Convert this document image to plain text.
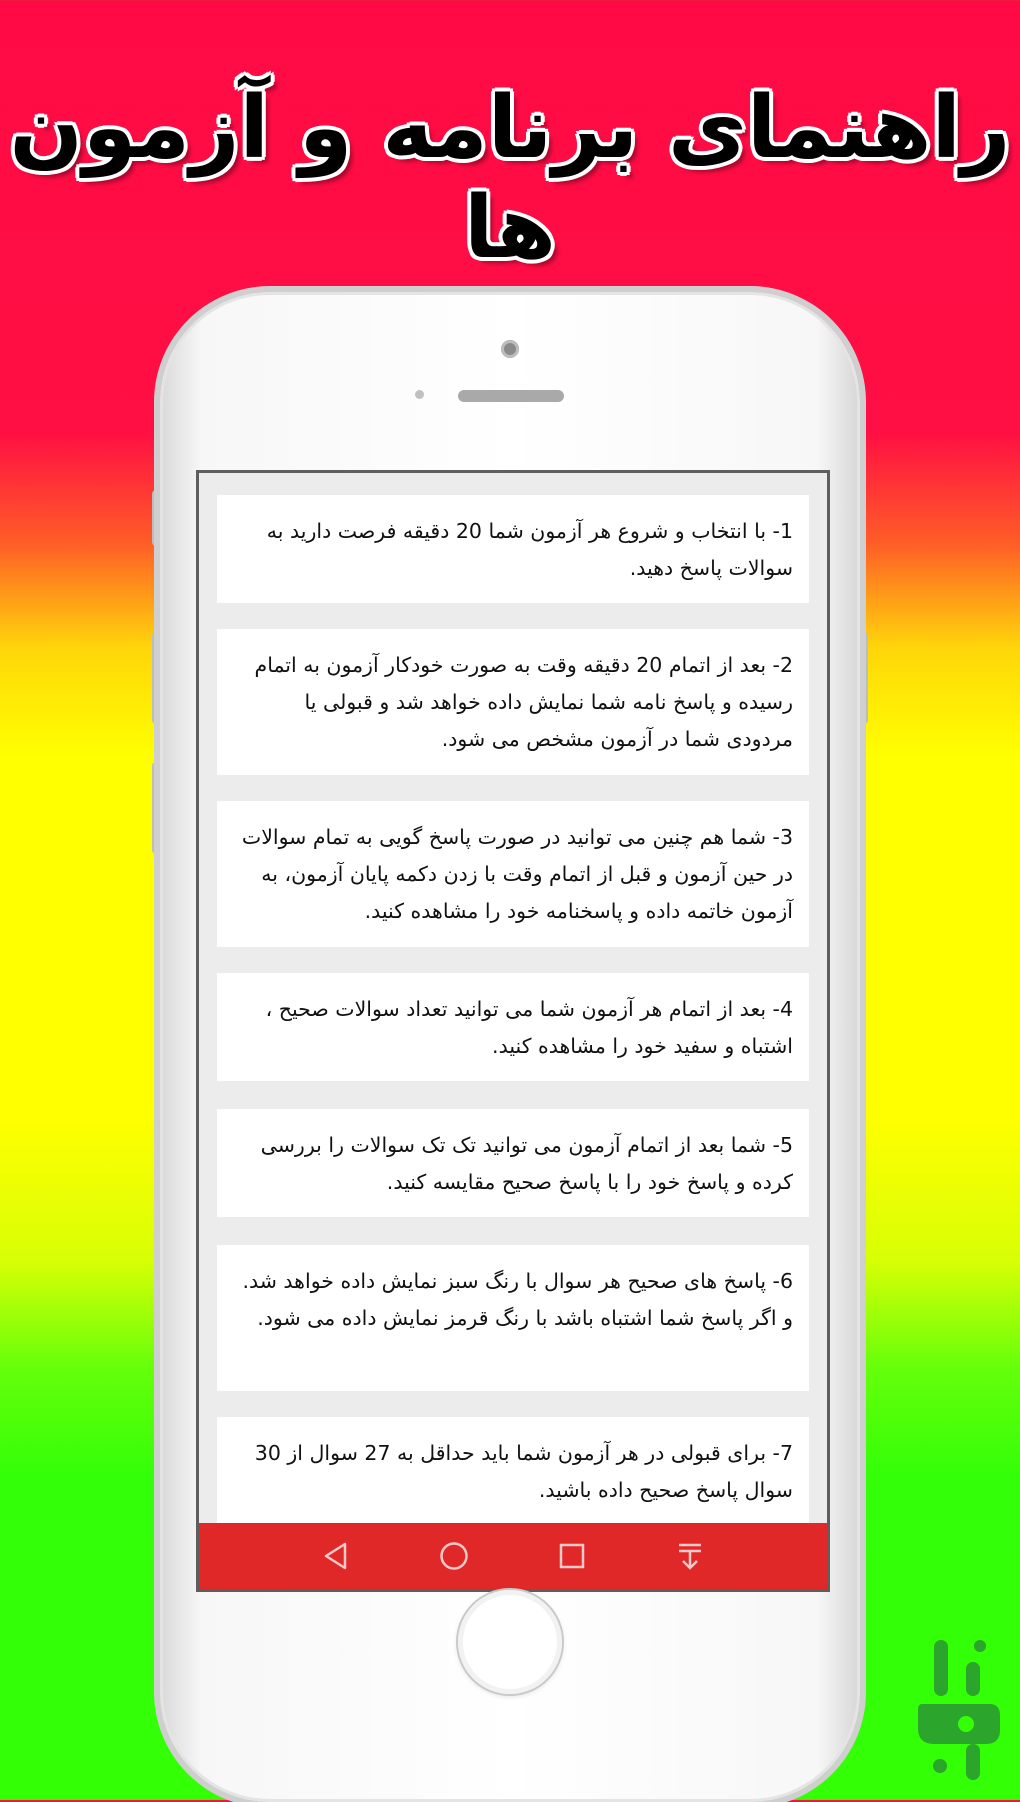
راهنمای برنامه و آزمون ها
1- با انتخاب و شروع هر آزمون شما 20 دقیقه فرصت دارید به سوالات پاسخ دهید.
2- بعد از اتمام 20 دقیقه وقت به صورت خودکار آزمون به اتمام رسیده و پاسخ نامه شما نمایش داده خواهد شد و قبولی یا مردودی شما در آزمون مشخص می شود.
3- شما هم چنین می توانید در صورت پاسخ گویی به تمام سوالات در حین آزمون و قبل از اتمام وقت با زدن دکمه پایان آزمون، به آزمون خاتمه داده و پاسخنامه خود را مشاهده کنید.
4- بعد از اتمام هر آزمون شما می توانید تعداد سوالات صحیح ، اشتباه و سفید خود را مشاهده کنید.
5- شما بعد از اتمام آزمون می توانید تک تک سوالات را بررسی کرده و پاسخ خود را با پاسخ صحیح مقایسه کنید.
6- پاسخ های صحیح هر سوال با رنگ سبز نمایش داده خواهد شد. و اگر پاسخ شما اشتباه باشد با رنگ قرمز نمایش داده می شود.
7- برای قبولی در هر آزمون شما باید حداقل به 27 سوال از 30 سوال پاسخ صحیح داده باشید.
